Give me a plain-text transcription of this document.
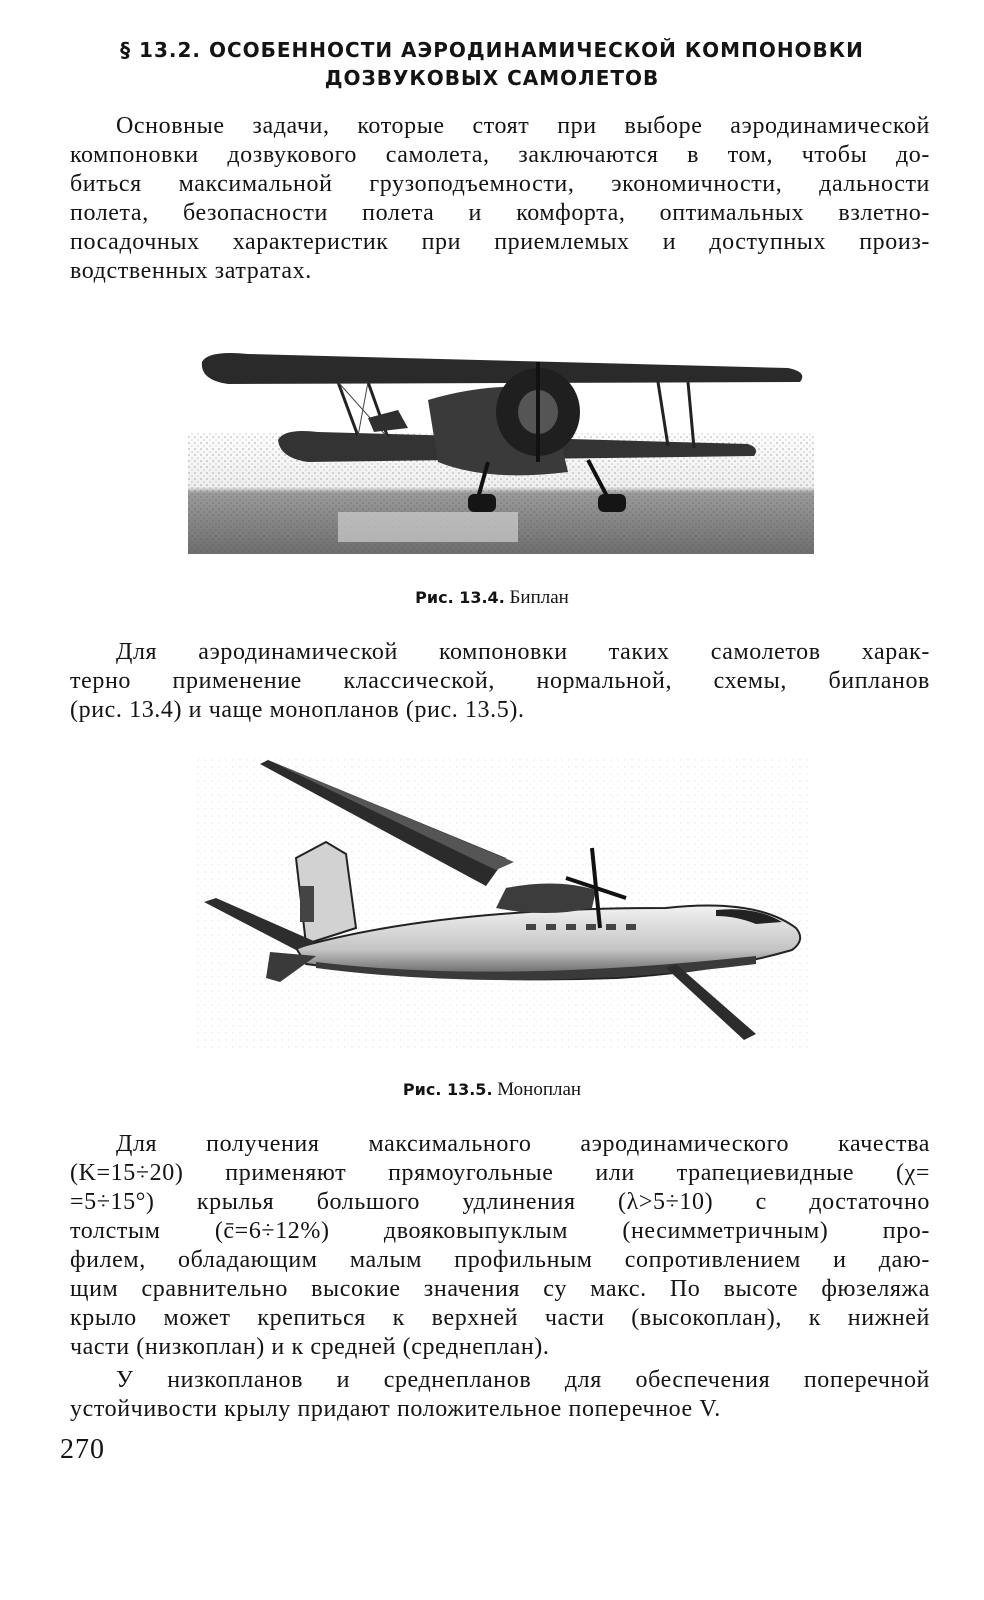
§ 13.2. ОСОБЕННОСТИ АЭРОДИНАМИЧЕСКОЙ КОМПОНОВКИ
ДОЗВУКОВЫХ САМОЛЕТОВ
Основные задачи, которые стоят при выборе аэродинамической
компоновки дозвукового самолета, заключаются в том, чтобы до-
биться максимальной грузоподъемности, экономичности, дальности
полета, безопасности полета и комфорта, оптимальных взлетно-
посадочных характеристик при приемлемых и доступных произ-
водственных затратах.
Рис. 13.4. Биплан
Для аэродинамической компоновки таких самолетов харак-
терно применение классической, нормальной, схемы, бипланов
(рис. 13.4) и чаще монопланов (рис. 13.5).
Рис. 13.5. Моноплан
Для получения максимального аэродинамического качества
(K=15÷20) применяют прямоугольные или трапециевидные (χ=
=5÷15°) крылья большого удлинения (λ>5÷10) с достаточно
толстым (c̄=6÷12%) двояковыпуклым (несимметричным) про-
филем, обладающим малым профильным сопротивлением и даю-
щим сравнительно высокие значения cy макс. По высоте фюзеляжа
крыло может крепиться к верхней части (высокоплан), к нижней
части (низкоплан) и к средней (среднеплан).
У низкопланов и среднепланов для обеспечения поперечной
устойчивости крылу придают положительное поперечное V.
270
